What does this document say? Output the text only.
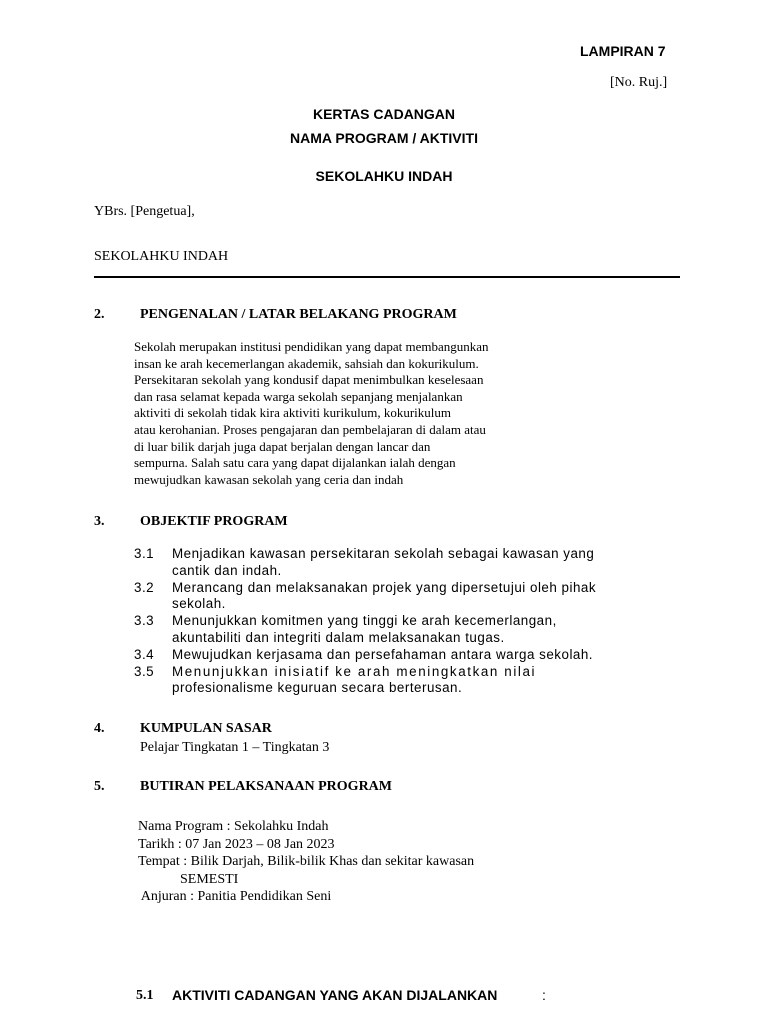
LAMPIRAN 7
[No. Ruj.]
KERTAS CADANGAN
NAMA PROGRAM / AKTIVITI
SEKOLAHKU INDAH
YBrs. [Pengetua],
SEKOLAHKU INDAH
2.	PENGENALAN / LATAR BELAKANG PROGRAM
Sekolah merupakan institusi pendidikan yang dapat membangunkan
insan ke arah kecemerlangan akademik, sahsiah dan kokurikulum.
Persekitaran sekolah yang kondusif dapat menimbulkan keselesaan
dan rasa selamat kepada warga sekolah sepanjang menjalankan
aktiviti di sekolah tidak kira aktiviti kurikulum, kokurikulum
atau kerohanian. Proses pengajaran dan pembelajaran di dalam atau
di luar bilik darjah juga dapat berjalan dengan lancar dan
sempurna. Salah satu cara yang dapat dijalankan ialah dengan
mewujudkan kawasan sekolah yang ceria dan indah
3.	OBJEKTIF PROGRAM
3.1	Menjadikan kawasan persekitaran sekolah sebagai kawasan yang
cantik dan indah.
3.2	Merancang dan melaksanakan projek yang dipersetujui oleh pihak
sekolah.
3.3	Menunjukkan komitmen yang tinggi ke arah kecemerlangan,
akuntabiliti dan integriti dalam melaksanakan tugas.
3.4	Mewujudkan kerjasama dan persefahaman antara warga sekolah.
3.5	Menunjukkan inisiatif ke arah meningkatkan nilai
profesionalisme keguruan secara berterusan.
4.	KUMPULAN SASAR
Pelajar Tingkatan 1 – Tingkatan 3
5.	BUTIRAN PELAKSANAAN PROGRAM
Nama Program : Sekolahku Indah
Tarikh : 07 Jan 2023 – 08 Jan 2023
Tempat : Bilik Darjah, Bilik-bilik Khas dan sekitar kawasan
SEMESTI
Anjuran : Panitia Pendidikan Seni
5.1 AKTIVITI CADANGAN YANG AKAN DIJALANKAN	:
